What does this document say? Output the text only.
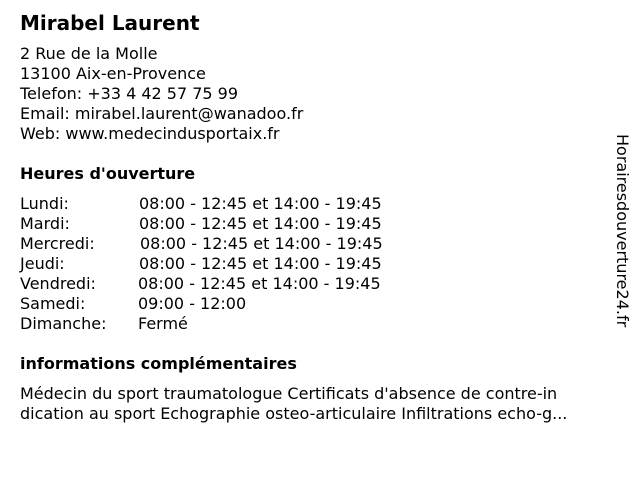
Mirabel Laurent
2 Rue de la Molle
13100 Aix-en-Provence
Telefon: +33 4 42 57 75 99
Email: mirabel.laurent@wanadoo.fr
Web: www.medecindusportaix.fr
Heures d'ouverture
Lundi:	08:00 - 12:45 et 14:00 - 19:45
Mardi:	08:00 - 12:45 et 14:00 - 19:45
Mercredi:	08:00 - 12:45 et 14:00 - 19:45
Jeudi:	08:00 - 12:45 et 14:00 - 19:45
Vendredi:	08:00 - 12:45 et 14:00 - 19:45
Samedi:	09:00 - 12:00
Dimanche: Fermé
informations complémentaires
Médecin du sport traumatologue Certificats d'absence de contre-in
dication au sport Echographie osteo-articulaire Infiltrations echo-g...
Horairesdouverture24.fr
